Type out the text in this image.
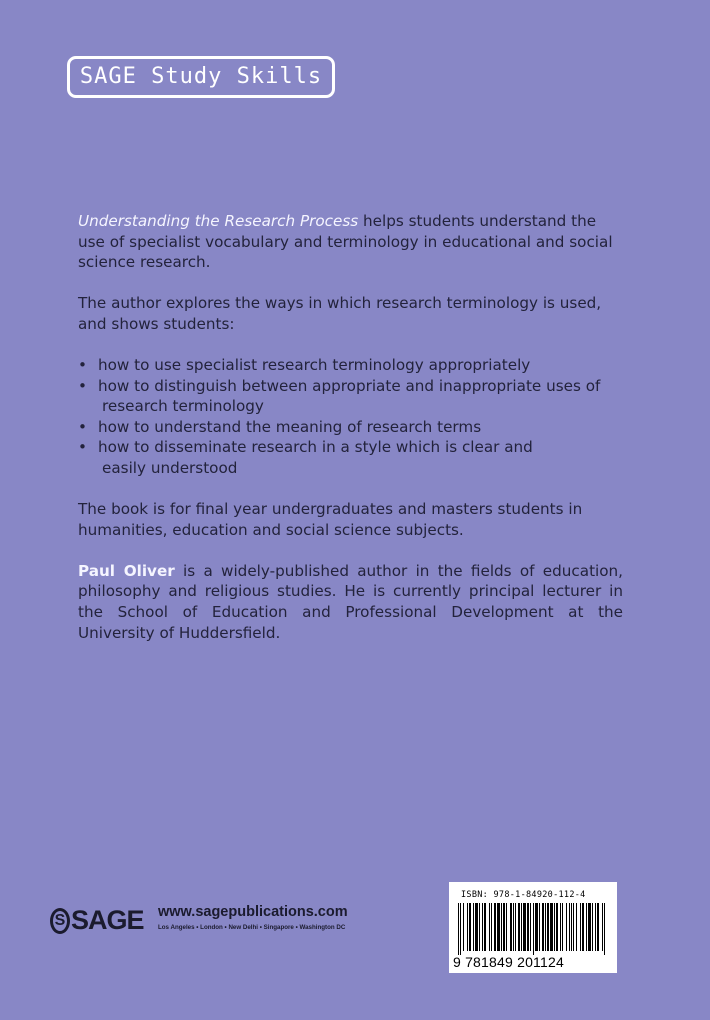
SAGE Study Skills

Understanding the Research Process helps students understand the use of specialist vocabulary and terminology in educational and social science research.

The author explores the ways in which research terminology is used, and shows students:

• how to use specialist research terminology appropriately
• how to distinguish between appropriate and inappropriate uses of
research terminology
• how to understand the meaning of research terms
• how to disseminate research in a style which is clear and
easily understood

The book is for final year undergraduates and masters students in humanities, education and social science subjects.

Paul Oliver is a widely-published author in the fields of education, philosophy and religious studies. He is currently principal lecturer in the School of Education and Professional Development at the University of Huddersfield.

S SAGE www.sagepublications.com
Los Angeles • London • New Delhi • Singapore • Washington DC
ISBN: 978-1-84920-112-4
9 781849 201124
